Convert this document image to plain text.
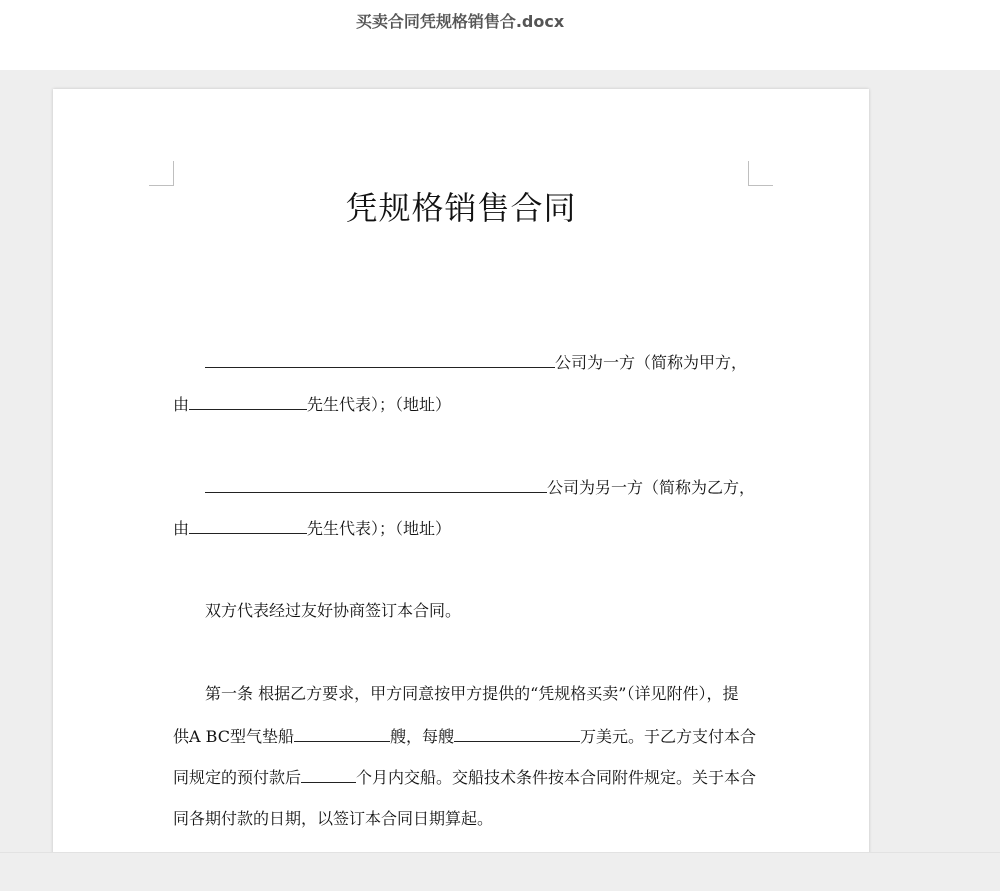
买卖合同凭规格销售合.docx
凭规格销售合同
公司为一方（简称为甲方，
由	先生代表）；（地址）
公司为另一方（简称为乙方，
由	先生代表）；（地址）
双方代表经过友好协商签订本合同。
第一条 根据乙方要求，甲方同意按甲方提供的“凭规格买卖”（详见附件），提
供A BC型气垫船	艘，每艘	万美元。于乙方支付本合
同规定的预付款后	个月内交船。交船技术条件按本合同附件规定。关于本合
同各期付款的日期，以签订本合同日期算起。
